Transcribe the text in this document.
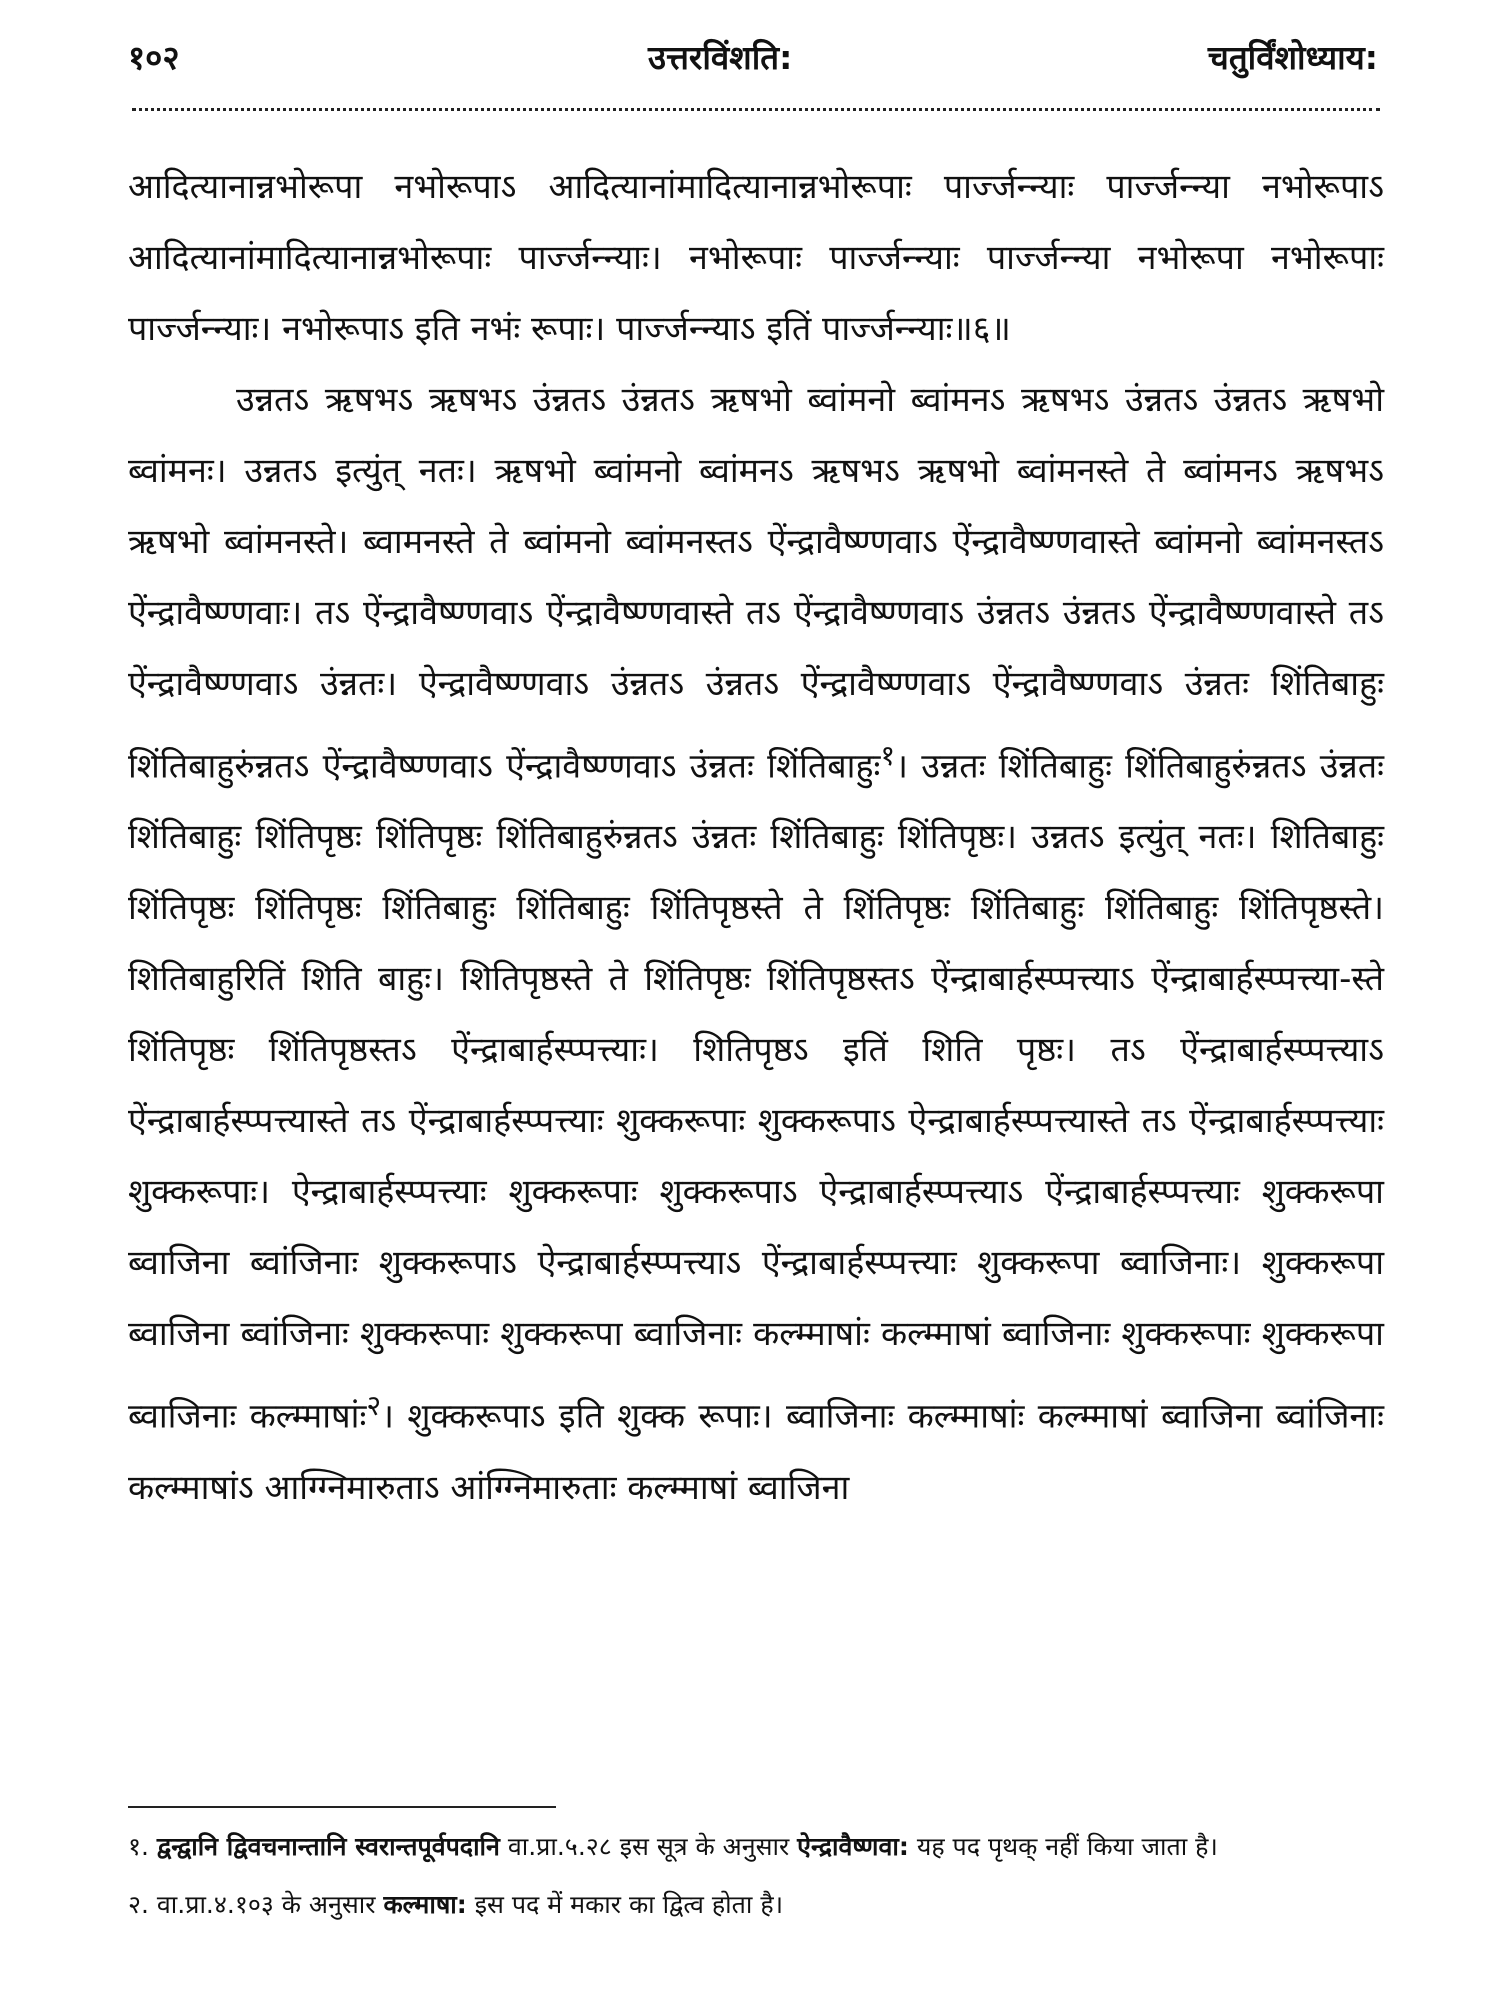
१०२	उत्तरविंशति:	चतुर्विंशोध्याय:

आदित्यानान्नभोरूपा नभोरूपाऽ आदित्यानांमादित्यानान्नभोरूपाः पार्ज्जन्न्याः पार्ज्जन्न्या नभोरूपाऽ आदित्यानांमादित्यानान्नभोरूपाः पार्ज्जन्न्याः। नभोरूपाः पार्ज्जन्न्याः पार्ज्जन्न्या नभोरूपा नभोरूपाः पार्ज्जन्न्याः। नभोरूपाऽ इति नभंः रूपाः। पार्ज्जन्न्याऽ इतिं पार्ज्जन्न्याः॥६॥

उन्नतऽ ऋषभऽ ऋषभऽ उंन्नतऽ उंन्नतऽ ऋषभो ब्वांमनो ब्वांमनऽ ऋषभऽ उंन्नतऽ उंन्नतऽ ऋषभो ब्वांमनः। उन्नतऽ इत्युंत् नतः। ऋषभो ब्वांमनो ब्वांमनऽ ऋषभऽ ऋषभो ब्वांमनस्ते ते ब्वांमनऽ ऋषभऽ ऋषभो ब्वांमनस्ते। ब्वामनस्ते ते ब्वांमनो ब्वांमनस्तऽ ऐंन्द्रावैष्ण्णवाऽ ऐंन्द्रावैष्ण्णवास्ते ब्वांमनो ब्वांमनस्तऽ ऐंन्द्रावैष्ण्णवाः। तऽ ऐंन्द्रावैष्ण्णवाऽ ऐंन्द्रावैष्ण्णवास्ते तऽ ऐंन्द्रावैष्ण्णवाऽ उंन्नतऽ उंन्नतऽ ऐंन्द्रावैष्ण्णवास्ते तऽ ऐंन्द्रावैष्ण्णवाऽ उंन्नतः। ऐन्द्रावैष्ण्णवाऽ उंन्नतऽ उंन्नतऽ ऐंन्द्रावैष्ण्णवाऽ ऐंन्द्रावैष्ण्णवाऽ उंन्नतः शिंतिबाहुः शिंतिबाहुरुंन्नतऽ ऐंन्द्रावैष्ण्णवाऽ ऐंन्द्रावैष्ण्णवाऽ उंन्नतः शिंतिबाहुः$^१$। उन्नतः शिंतिबाहुः शिंतिबाहुरुंन्नतऽ उंन्नतः शिंतिबाहुः शिंतिपृष्ठः शिंतिपृष्ठः शिंतिबाहुरुंन्नतऽ उंन्नतः शिंतिबाहुः शिंतिपृष्ठः। उन्नतऽ इत्युंत् नतः। शितिबाहुः शिंतिपृष्ठः शिंतिपृष्ठः शिंतिबाहुः शिंतिबाहुः शिंतिपृष्ठस्ते ते शिंतिपृष्ठः शिंतिबाहुः शिंतिबाहुः शिंतिपृष्ठस्ते। शितिबाहुरितिं शिति बाहुः। शितिपृष्ठस्ते ते शिंतिपृष्ठः शिंतिपृष्ठस्तऽ ऐंन्द्राबार्हस्प्पत्त्याऽ ऐंन्द्राबार्हस्प्पत्त्या-स्ते शिंतिपृष्ठः शिंतिपृष्ठस्तऽ ऐंन्द्राबार्हस्प्पत्त्याः। शितिपृष्ठऽ इतिं शिति पृष्ठः। तऽ ऐंन्द्राबार्हस्प्पत्त्याऽ ऐंन्द्राबार्हस्प्पत्त्यास्ते तऽ ऐंन्द्राबार्हस्प्पत्त्याः शुक्करूपाः शुक्करूपाऽ ऐन्द्राबार्हस्प्पत्त्यास्ते तऽ ऐंन्द्राबार्हस्प्पत्त्याः शुक्करूपाः। ऐन्द्राबार्हस्प्पत्त्याः शुक्करूपाः शुक्करूपाऽ ऐन्द्राबार्हस्प्पत्त्याऽ ऐंन्द्राबार्हस्प्पत्त्याः शुक्करूपा ब्वाजिना ब्वांजिनाः शुक्करूपाऽ ऐन्द्राबार्हस्प्पत्त्याऽ ऐंन्द्राबार्हस्प्पत्त्याः शुक्करूपा ब्वाजिनाः। शुक्करूपा ब्वाजिना ब्वांजिनाः शुक्करूपाः शुक्करूपा ब्वाजिनाः कल्म्माषांः कल्म्माषां ब्वाजिनाः शुक्करूपाः शुक्करूपा ब्वाजिनाः कल्म्माषांः$^२$। शुक्करूपाऽ इति शुक्क रूपाः। ब्वाजिनाः कल्म्माषांः कल्म्माषां ब्वाजिना ब्वांजिनाः कल्म्माषांऽ आग्ग्निमारुताऽ आंग्ग्निमारुताः कल्म्माषां ब्वाजिना

१. द्वन्द्वानि द्विवचनान्तानि स्वरान्तपूर्वपदानि वा.प्रा.५.२८ इस सूत्र के अनुसार ऐन्द्रावैष्णवा: यह पद पृथक् नहीं किया जाता है।

२. वा.प्रा.४.१०३ के अनुसार कल्माषा: इस पद में मकार का द्वित्व होता है।
